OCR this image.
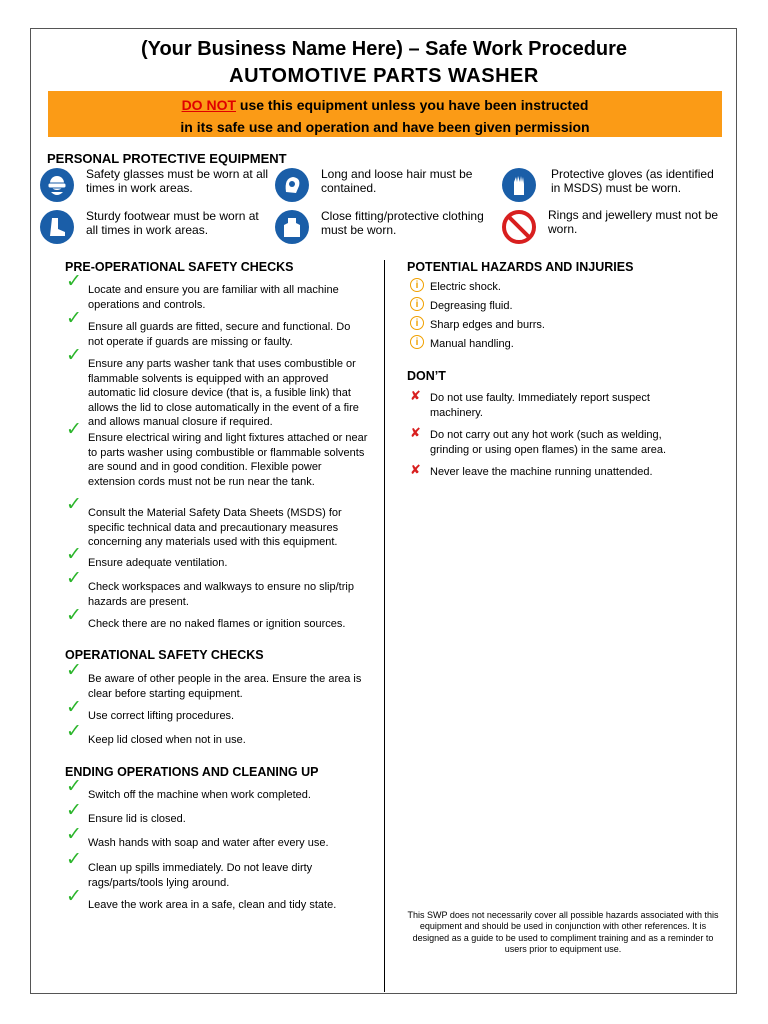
(Your Business Name Here) – Safe Work Procedure
AUTOMOTIVE PARTS WASHER
DO NOT use this equipment unless you have been instructed
in its safe use and operation and have been given permission
PERSONAL PROTECTIVE EQUIPMENT
Safety glasses must be worn at all times in work areas.
Long and loose hair must be contained.
Protective gloves (as identified in MSDS) must be worn.
Sturdy footwear must be worn at all times in work areas.
Close fitting/protective clothing must be worn.
Rings and jewellery must not be worn.
PRE-OPERATIONAL SAFETY CHECKS
✓ Locate and ensure you are familiar with all machine operations and controls.
✓ Ensure all guards are fitted, secure and functional. Do not operate if guards are missing or faulty.
✓ Ensure any parts washer tank that uses combustible or flammable solvents is equipped with an approved automatic lid closure device (that is, a fusible link) that allows the lid to close automatically in the event of a fire and allows manual closure if required.
✓ Ensure electrical wiring and light fixtures attached or near to parts washer using combustible or flammable solvents are sound and in good condition. Flexible power extension cords must not be run near the tank.
✓ Consult the Material Safety Data Sheets (MSDS) for specific technical data and precautionary measures concerning any materials used with this equipment.
✓ Ensure adequate ventilation.
✓ Check workspaces and walkways to ensure no slip/trip hazards are present.
✓ Check there are no naked flames or ignition sources.
OPERATIONAL SAFETY CHECKS
✓ Be aware of other people in the area. Ensure the area is clear before starting equipment.
✓ Use correct lifting procedures.
✓ Keep lid closed when not in use.
ENDING OPERATIONS AND CLEANING UP
✓ Switch off the machine when work completed.
✓ Ensure lid is closed.
✓ Wash hands with soap and water after every use.
✓ Clean up spills immediately. Do not leave dirty rags/parts/tools lying around.
✓ Leave the work area in a safe, clean and tidy state.
POTENTIAL HAZARDS AND INJURIES
i	Electric shock.
i	Degreasing fluid.
i	Sharp edges and burrs.
i	Manual handling.
DON’T
✘ Do not use faulty. Immediately report suspect machinery.
✘ Do not carry out any hot work (such as welding, grinding or using open flames) in the same area.
✘ Never leave the machine running unattended.
This SWP does not necessarily cover all possible hazards associated with this equipment and should be used in conjunction with other references. It is designed as a guide to be used to compliment training and as a reminder to users prior to equipment use.
